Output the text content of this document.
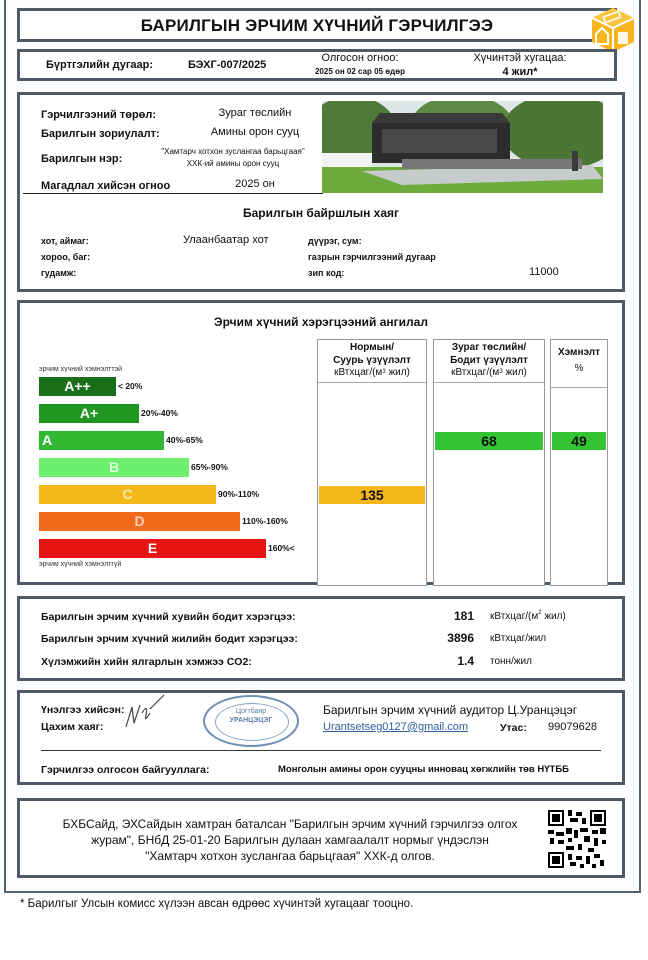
БАРИЛГЫН ЭРЧИМ ХҮЧНИЙ ГЭРЧИЛГЭЭ
Бүртгэлийн дугаар:	БЭХГ-007/2025
Олгосон огноо:
2025 он 02 сар 05 өдөр
Хүчинтэй хугацаа:
4 жил*
Гэрчилгээний төрөл:	Зураг төслийн
Барилгын зориулалт:	Амины орон сууц
Барилгын нэр:
"Хамтарч хотхон зуслангаа барьцгаая"
ХХК-ий амины орон сууц
Магадлал хийсэн огноо	2025 он
Барилгын байршлын хаяг
хот, аймаг:	Улаанбаатар хот	дүүрэг, сум:
хороо, баг:	газрын гэрчилгээний дугаар
гудамж:	зип код:	11000
Эрчим хүчний хэрэгцээний ангилал
эрчим хүчний хэмнэлттэй
A++	< 20%
A+	20%-40%
A	40%-65%
B	65%-90%
C	90%-110%
D	110%-160%
E	160%<
эрчим хүчний хэмнэлтгүй
Нормын/
Суурь үзүүлэлт
кВтхцаг/($м^3$ жил)
135
Зураг төслийн/
Бодит үзүүлэлт
кВтхцаг/($м^3$ жил)
68
Хэмнэлт
%
49
Барилгын эрчим хүчний хувийн бодит хэрэгцээ:	181 кВтхцаг/($м^2$ жил)
Барилгын эрчим хүчний жилийн бодит хэрэгцээ:	3896 кВтхцаг/жил
Хүлэмжийн хийн ялгарлын хэмжээ CO2:	1.4 тонн/жил
Үнэлгээ хийсэн:
Цахим хаяг:
Цогтбаяр
УРАНЦЭЦЭГ
Барилгын эрчим хүчний аудитор Ц.Уранцэцэг
Urantsetseg0127@gmail.com	Утас: 99079628
Гэрчилгээ олгосон байгууллага:	Монголын амины орон сууцны инновац хөгжлийн төв НҮТББ
БХБСайд, ЭХСайдын хамтран баталсан "Барилгын эрчим хүчний гэрчилгээ олгох
журам", БНбД 25-01-20 Барилгын дулаан хамгаалалт нормыг үндэслэн
"Хамтарч хотхон зуслангаа барьцгаая" ХХК-д олгов.
* Барилгыг Улсын комисс хүлээн авсан өдрөөс хүчинтэй хугацааг тооцно.
